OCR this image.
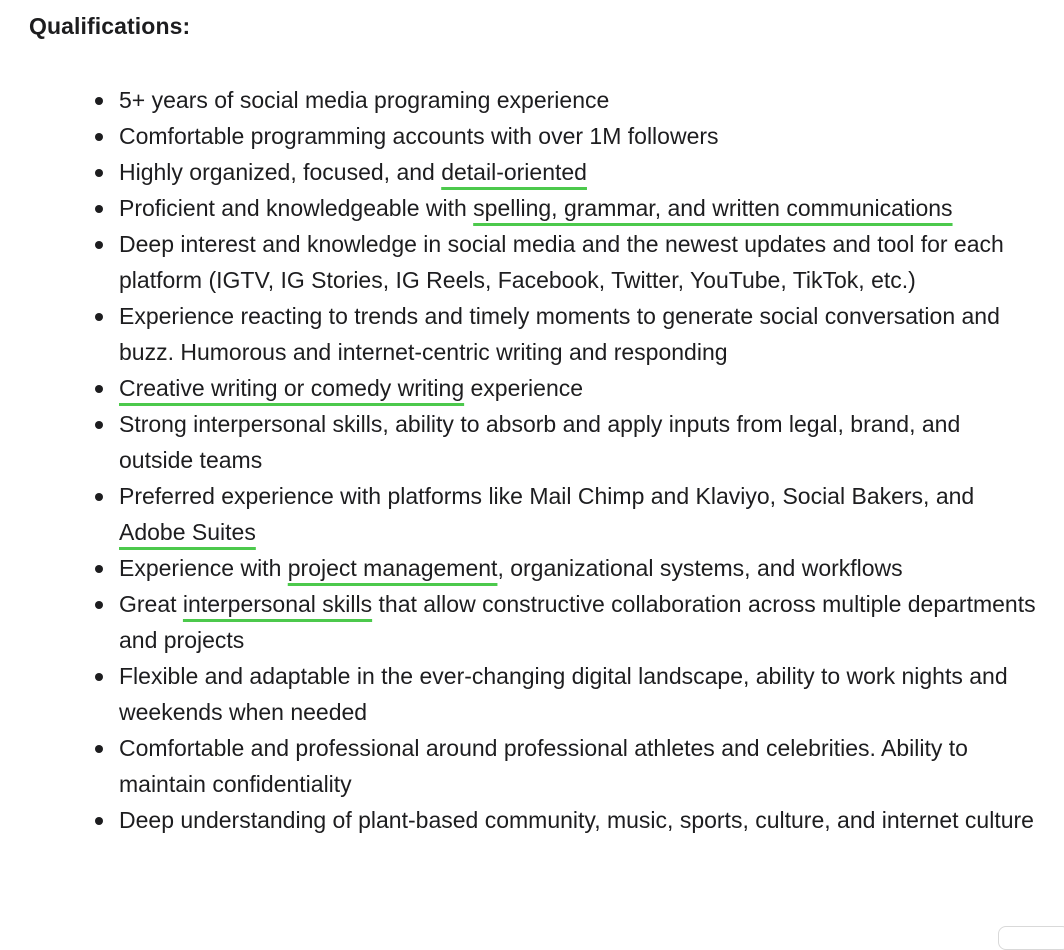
Qualifications:
5+ years of social media programing experience
Comfortable programming accounts with over 1M followers
Highly organized, focused, and detail-oriented
Proficient and knowledgeable with spelling, grammar, and written communications
Deep interest and knowledge in social media and the newest updates and tool for each platform (IGTV, IG Stories, IG Reels, Facebook, Twitter, YouTube, TikTok, etc.)
Experience reacting to trends and timely moments to generate social conversation and buzz. Humorous and internet-centric writing and responding
Creative writing or comedy writing experience
Strong interpersonal skills, ability to absorb and apply inputs from legal, brand, and outside teams
Preferred experience with platforms like Mail Chimp and Klaviyo, Social Bakers, and Adobe Suites
Experience with project management, organizational systems, and workflows
Great interpersonal skills that allow constructive collaboration across multiple departments and projects
Flexible and adaptable in the ever-changing digital landscape, ability to work nights and weekends when needed
Comfortable and professional around professional athletes and celebrities. Ability to maintain confidentiality
Deep understanding of plant-based community, music, sports, culture, and internet culture
